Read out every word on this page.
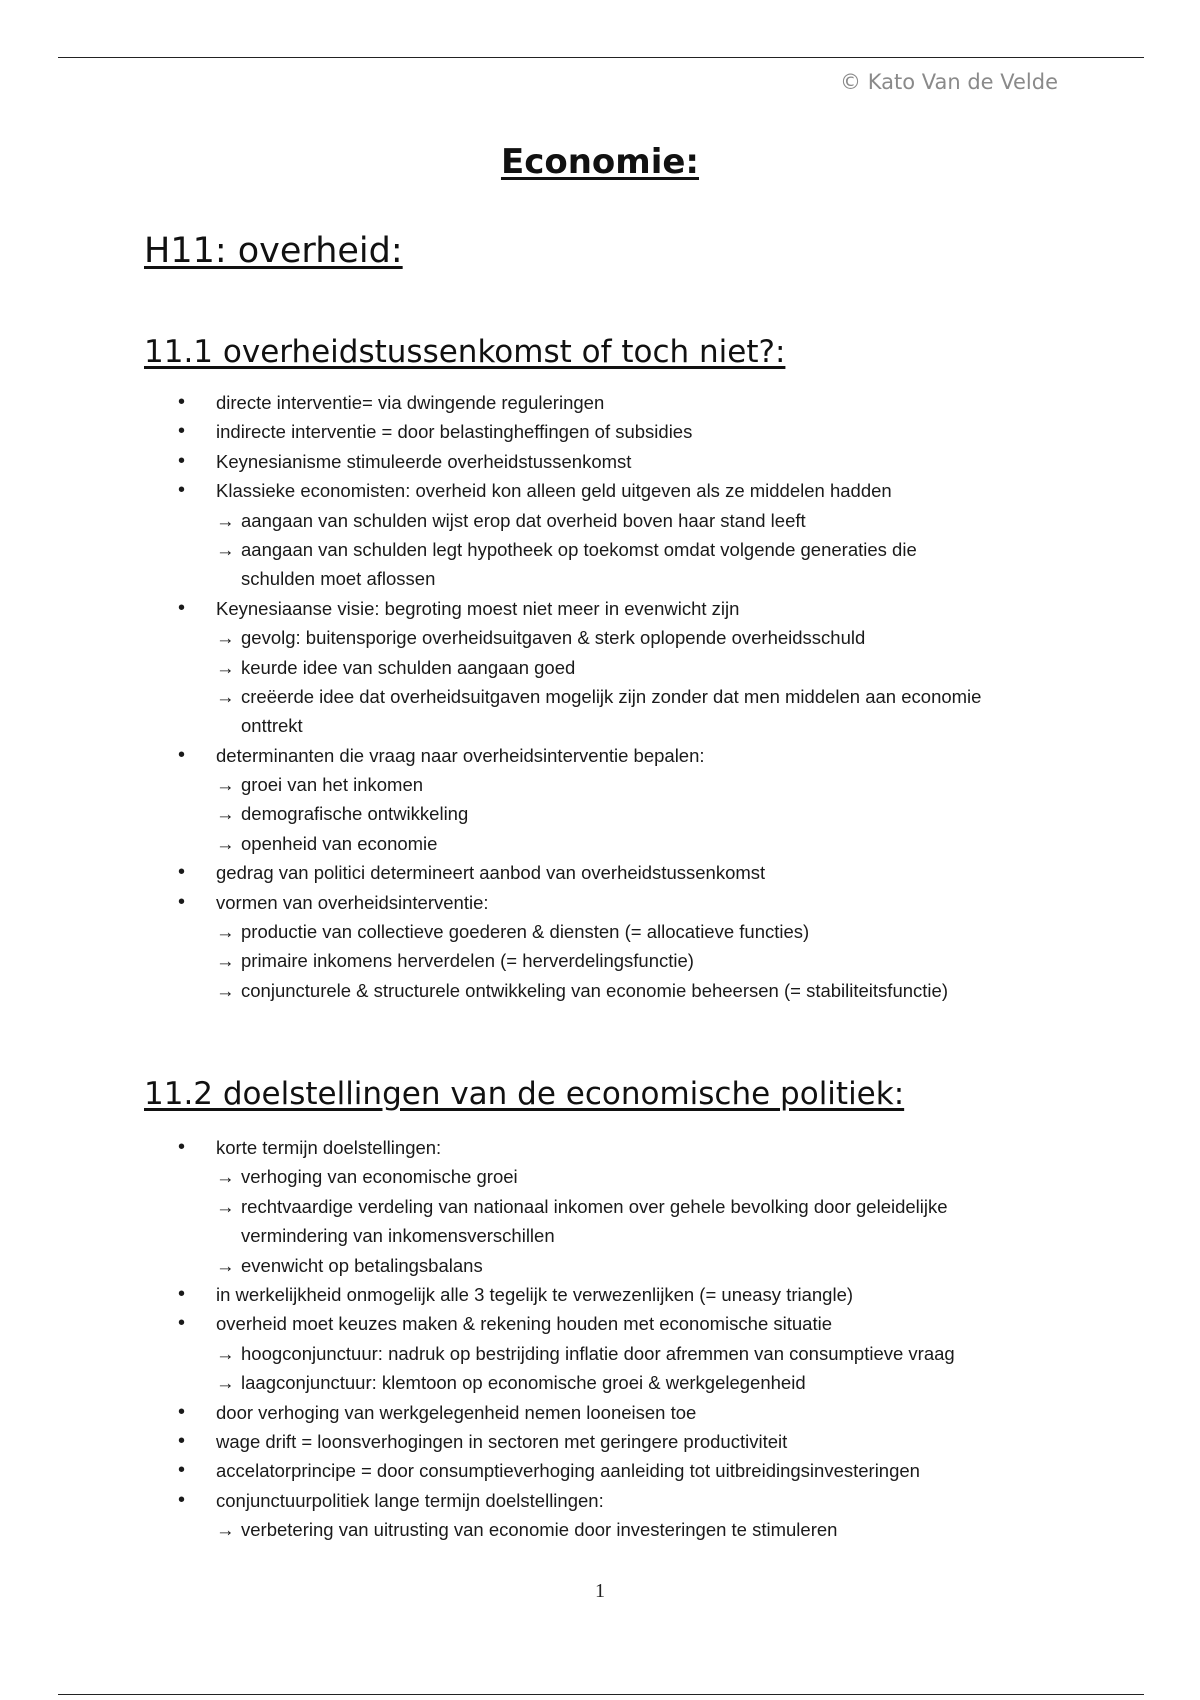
© Kato Van de Velde
Economie:
H11: overheid:
11.1 overheidstussenkomst of toch niet?:
• directe interventie= via dwingende reguleringen
• indirecte interventie = door belastingheffingen of subsidies
• Keynesianisme stimuleerde overheidstussenkomst
• Klassieke economisten: overheid kon alleen geld uitgeven als ze middelen hadden
→ aangaan van schulden wijst erop dat overheid boven haar stand leeft
→ aangaan van schulden legt hypotheek op toekomst omdat volgende generaties die
schulden moet aflossen
• Keynesiaanse visie: begroting moest niet meer in evenwicht zijn
→ gevolg: buitensporige overheidsuitgaven & sterk oplopende overheidsschuld
→ keurde idee van schulden aangaan goed
→ creëerde idee dat overheidsuitgaven mogelijk zijn zonder dat men middelen aan economie
onttrekt
• determinanten die vraag naar overheidsinterventie bepalen:
→ groei van het inkomen
→ demografische ontwikkeling
→ openheid van economie
• gedrag van politici determineert aanbod van overheidstussenkomst
• vormen van overheidsinterventie:
→ productie van collectieve goederen & diensten (= allocatieve functies)
→ primaire inkomens herverdelen (= herverdelingsfunctie)
→ conjuncturele & structurele ontwikkeling van economie beheersen (= stabiliteitsfunctie)
11.2 doelstellingen van de economische politiek:
• korte termijn doelstellingen:
→ verhoging van economische groei
→ rechtvaardige verdeling van nationaal inkomen over gehele bevolking door geleidelijke
vermindering van inkomensverschillen
→ evenwicht op betalingsbalans
• in werkelijkheid onmogelijk alle 3 tegelijk te verwezenlijken (= uneasy triangle)
• overheid moet keuzes maken & rekening houden met economische situatie
→ hoogconjunctuur: nadruk op bestrijding inflatie door afremmen van consumptieve vraag
→ laagconjunctuur: klemtoon op economische groei & werkgelegenheid
• door verhoging van werkgelegenheid nemen looneisen toe
• wage drift = loonsverhogingen in sectoren met geringere productiviteit
• accelatorprincipe = door consumptieverhoging aanleiding tot uitbreidingsinvesteringen
• conjunctuurpolitiek lange termijn doelstellingen:
→ verbetering van uitrusting van economie door investeringen te stimuleren
1
